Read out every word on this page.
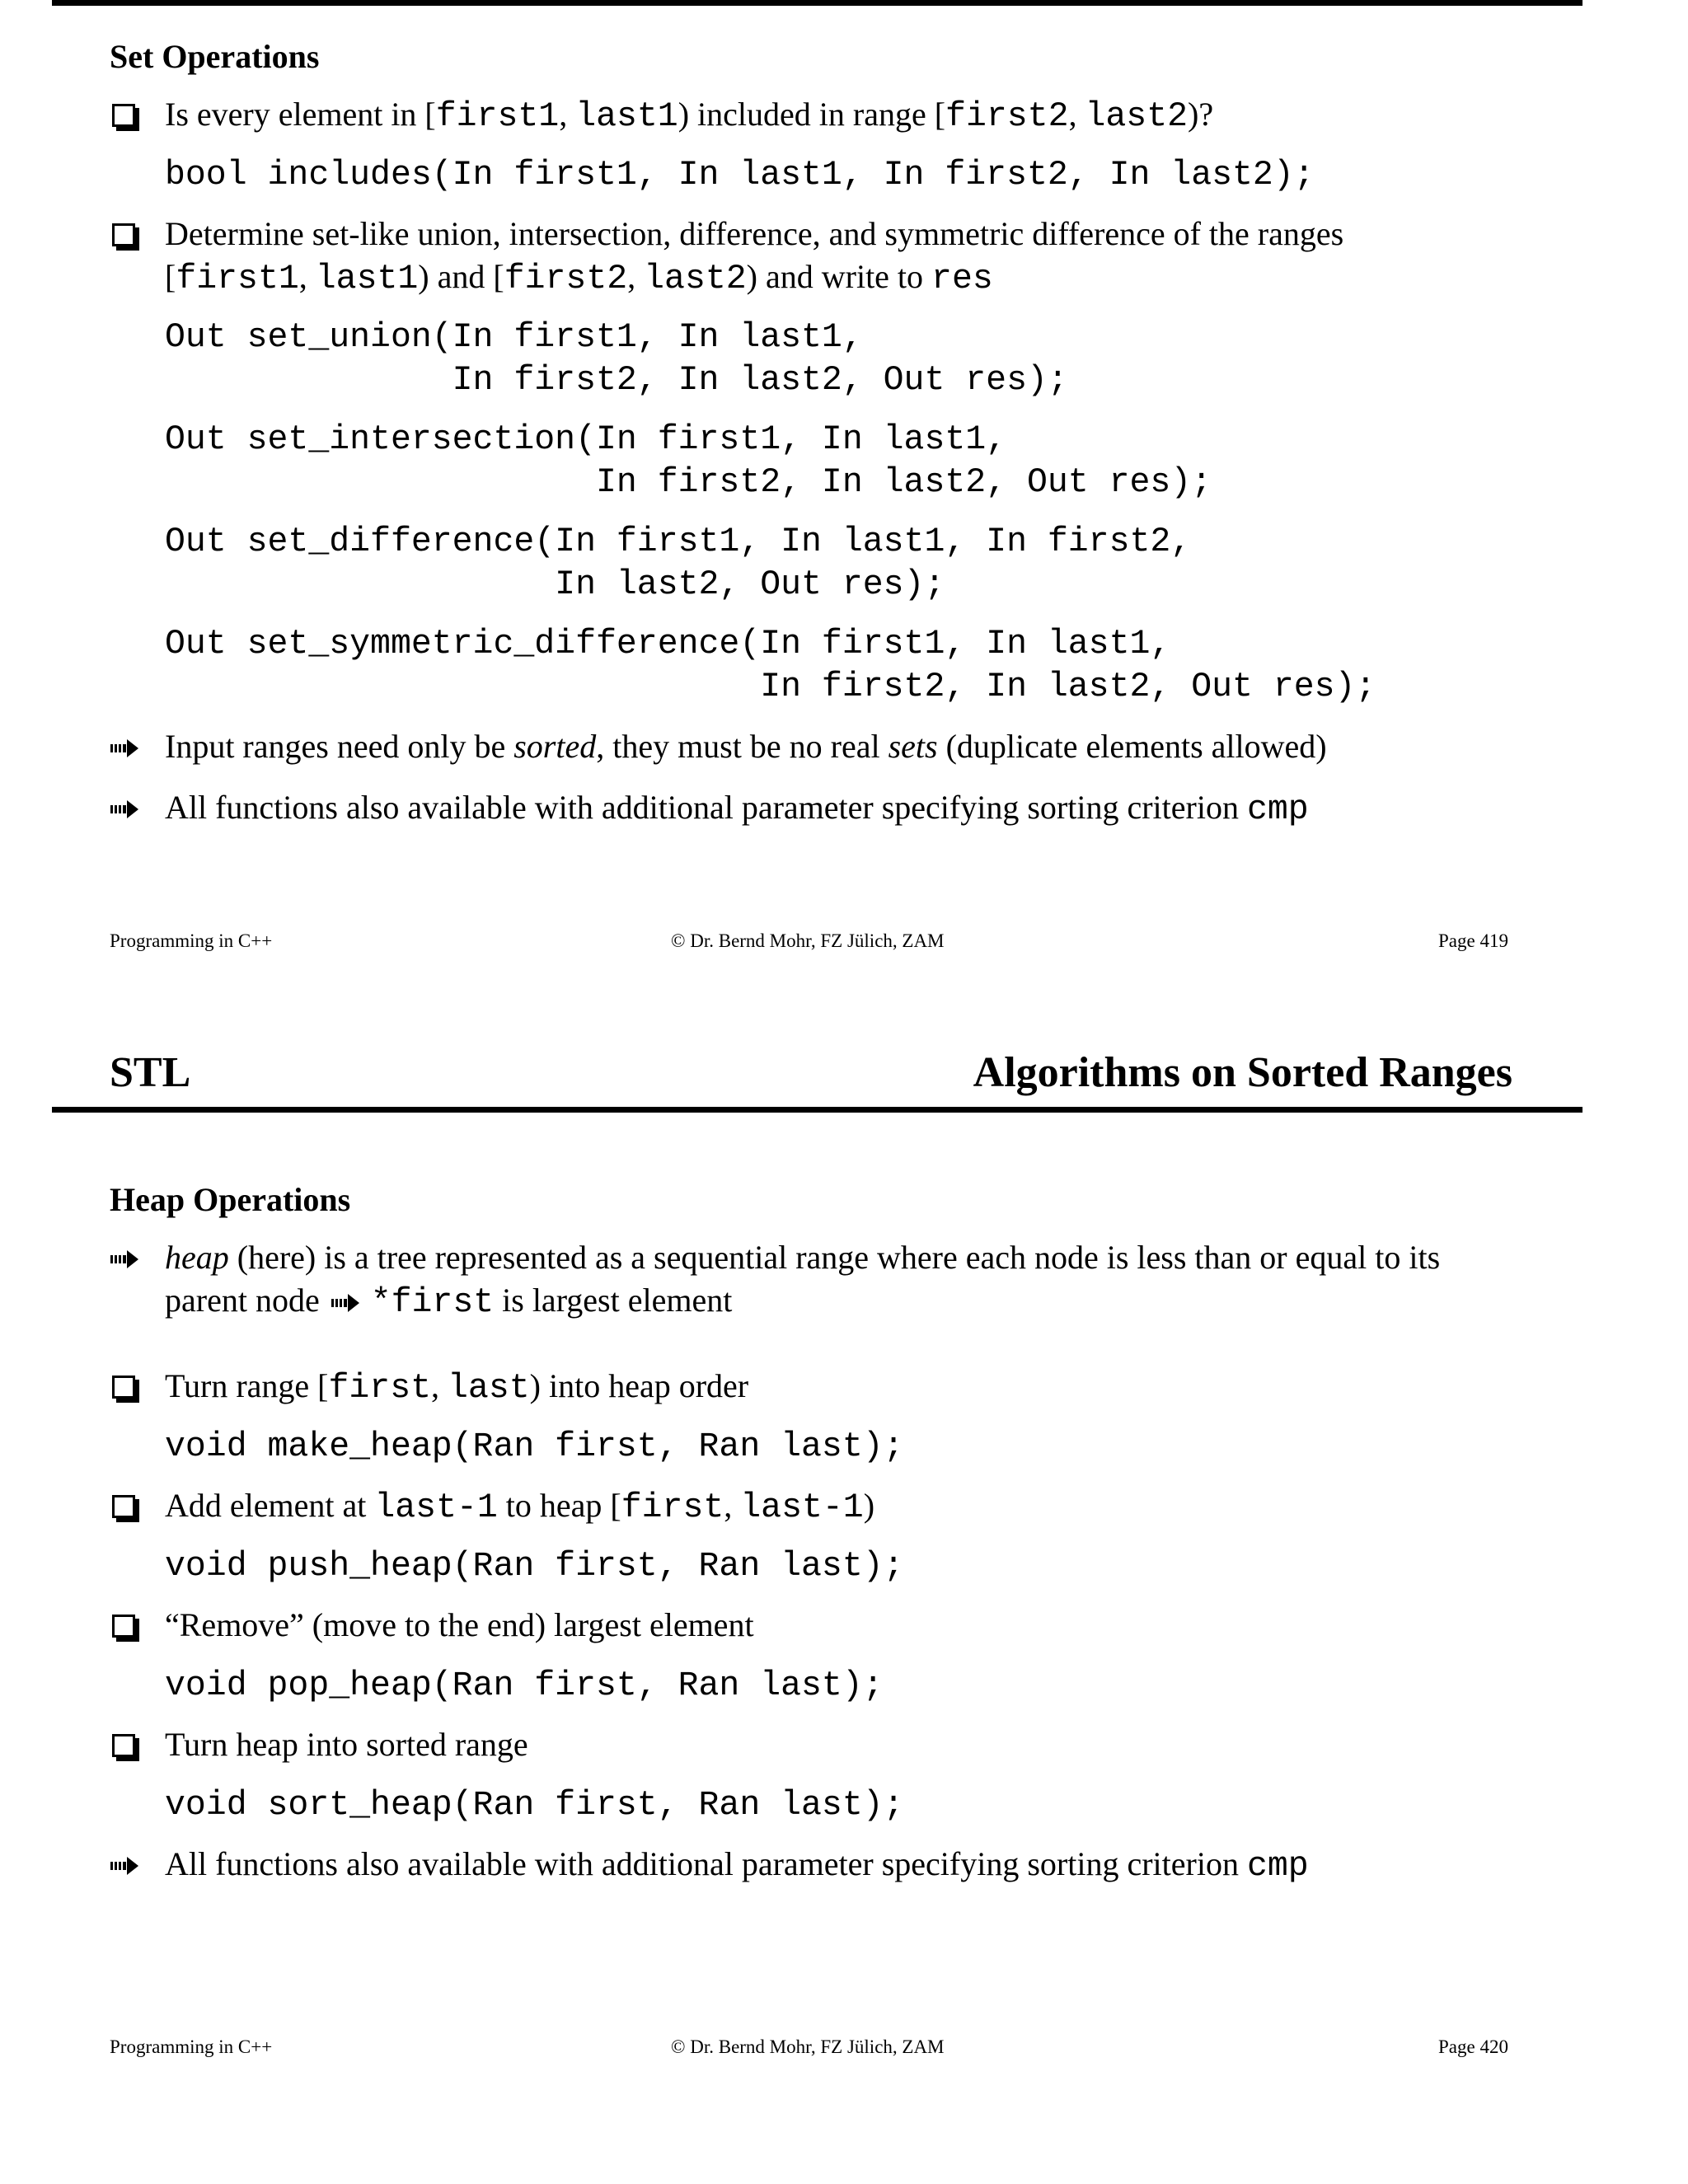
Set Operations
Is every element in [first1, last1) included in range [first2, last2)?
bool includes(In first1, In last1, In first2, In last2);
Determine set-like union, intersection, difference, and symmetric difference of the ranges
[first1, last1) and [first2, last2) and write to res
Out set_union(In first1, In last1,
In first2, In last2, Out res);
Out set_intersection(In first1, In last1,
In first2, In last2, Out res);
Out set_difference(In first1, In last1, In first2,
In last2, Out res);
Out set_symmetric_difference(In first1, In last1,
In first2, In last2, Out res);
Input ranges need only be sorted, they must be no real sets (duplicate elements allowed)
All functions also available with additional parameter specifying sorting criterion cmp
Programming in C++	© Dr. Bernd Mohr, FZ Jülich, ZAM	Page 419
STL	Algorithms on Sorted Ranges
Heap Operations
heap (here) is a tree represented as a sequential range where each node is less than or equal to its
parent node *first is largest element
Turn range [first, last) into heap order
void make_heap(Ran first, Ran last);
Add element at last-1 to heap [first, last-1)
void push_heap(Ran first, Ran last);
“Remove” (move to the end) largest element
void pop_heap(Ran first, Ran last);
Turn heap into sorted range
void sort_heap(Ran first, Ran last);
All functions also available with additional parameter specifying sorting criterion cmp
Programming in C++	© Dr. Bernd Mohr, FZ Jülich, ZAM	Page 420
